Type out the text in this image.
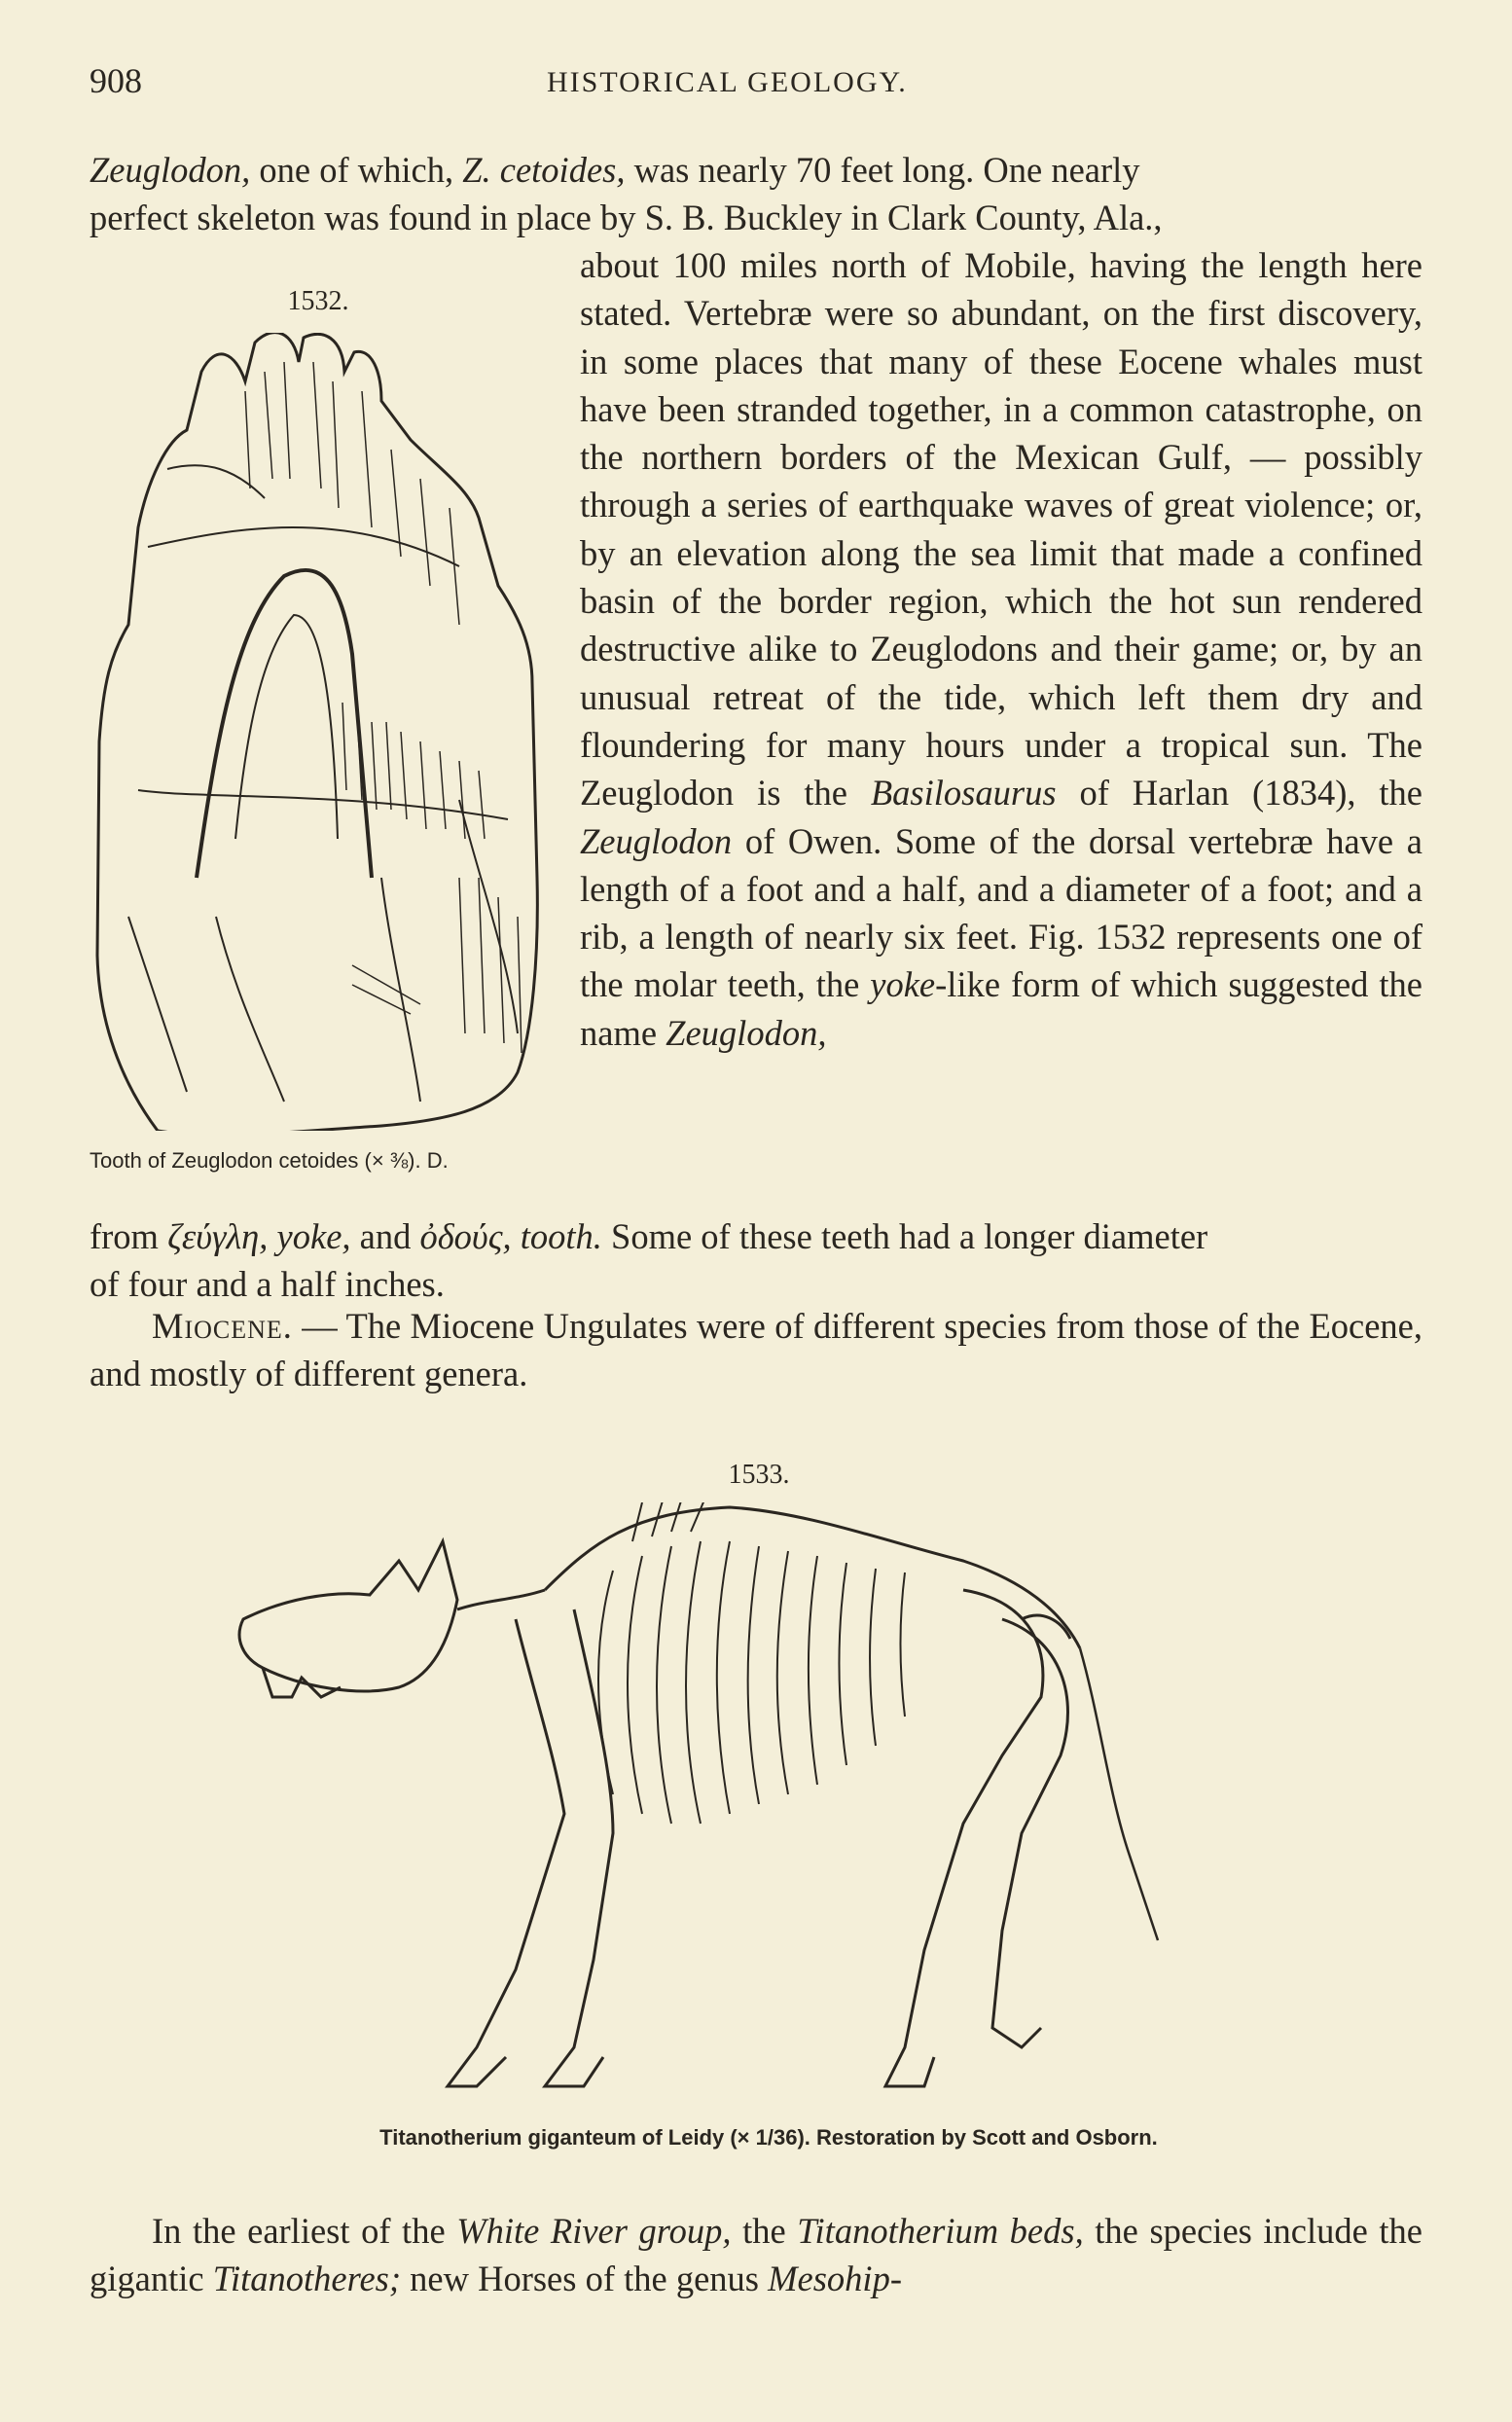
908	HISTORICAL GEOLOGY.
Zeuglodon, one of which, Z. cetoides, was nearly 70 feet long. One nearly
perfect skeleton was found in place by S. B. Buckley in Clark County, Ala.,
about 100 miles north of Mobile, having the length here stated. Vertebræ were so abundant, on the first discovery, in some places that many of these Eocene whales must have been stranded together, in a common catastrophe, on the northern borders of the Mexican Gulf, — possibly through a series of earthquake waves of great violence; or, by an elevation along the sea limit that made a confined basin of the border region, which the hot sun rendered destructive alike to Zeuglodons and their game; or, by an unusual retreat of the tide, which left them dry and floundering for many hours under a tropical sun. The Zeuglodon is the Basilosaurus of Harlan (1834), the Zeuglodon of Owen. Some of the dorsal vertebræ have a length of a foot and a half, and a diameter of a foot; and a rib, a length of nearly six feet. Fig. 1532 represents one of the molar teeth, the yoke-like form of which suggested the name Zeuglodon,
from ζεύγλη, yoke, and ὀδούς, tooth. Some of these teeth had a longer diameter
of four and a half inches.
1532.
Tooth of Zeuglodon cetoides (× ⅜). D.
Miocene. — The Miocene Ungulates were of different species from those of the Eocene, and mostly of different genera.
1533.
Titanotherium giganteum of Leidy (× 1/36). Restoration by Scott and Osborn.
In the earliest of the White River group, the Titanotherium beds, the species include the gigantic Titanotheres; new Horses of the genus Mesohip-
